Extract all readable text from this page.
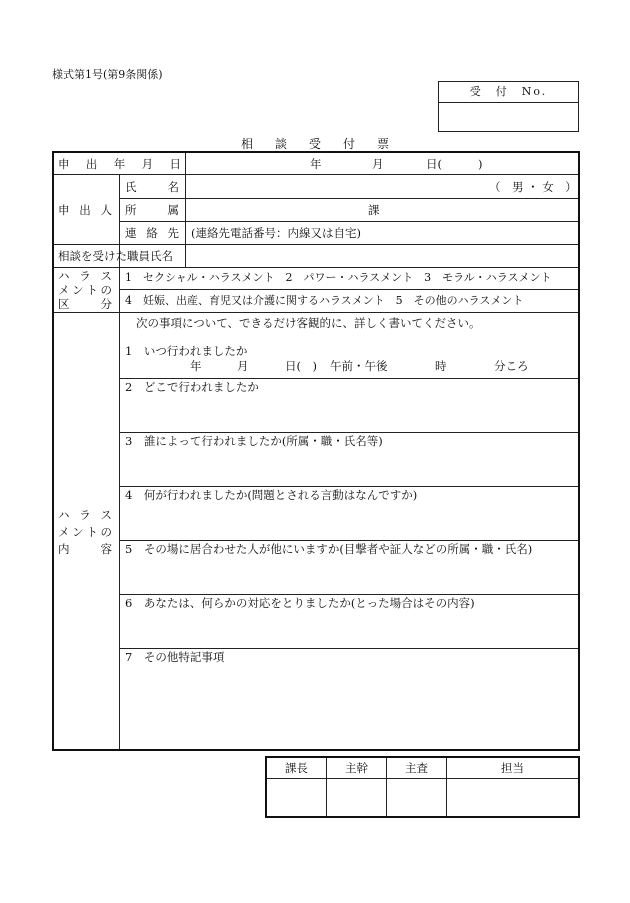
様式第1号(第9条関係)
受　付　No.
相談受付票
申 出 年 月 日	年	月	日(	)
申 出 人
氏	名	（　男 ・ 女　）
所	属	課
連 絡 先 (連絡先電話番号：内線又は自宅)
相談を受けた職員氏名
ハ ラ ス
メ ン ト の
区	分
1　セクシャル・ハラスメント　2　パワー・ハラスメント　3　モラル・ハラスメント
4　妊娠、出産、育児又は介護に関するハラスメント　5　その他のハラスメント
ハ ラ ス
メ ン ト の
内	容
次の事項について、できるだけ客観的に、詳しく書いてください。
1　いつ行われましたか
年	月	日(　) 午前・午後	時	分ころ
2　どこで行われましたか
3　誰によって行われましたか(所属・職・氏名等)
4　何が行われましたか(問題とされる言動はなんですか)
5　その場に居合わせた人が他にいますか(目撃者や証人などの所属・職・氏名)
6　あなたは、何らかの対応をとりましたか(とった場合はその内容)
7　その他特記事項
課長	主幹	主査	担当
